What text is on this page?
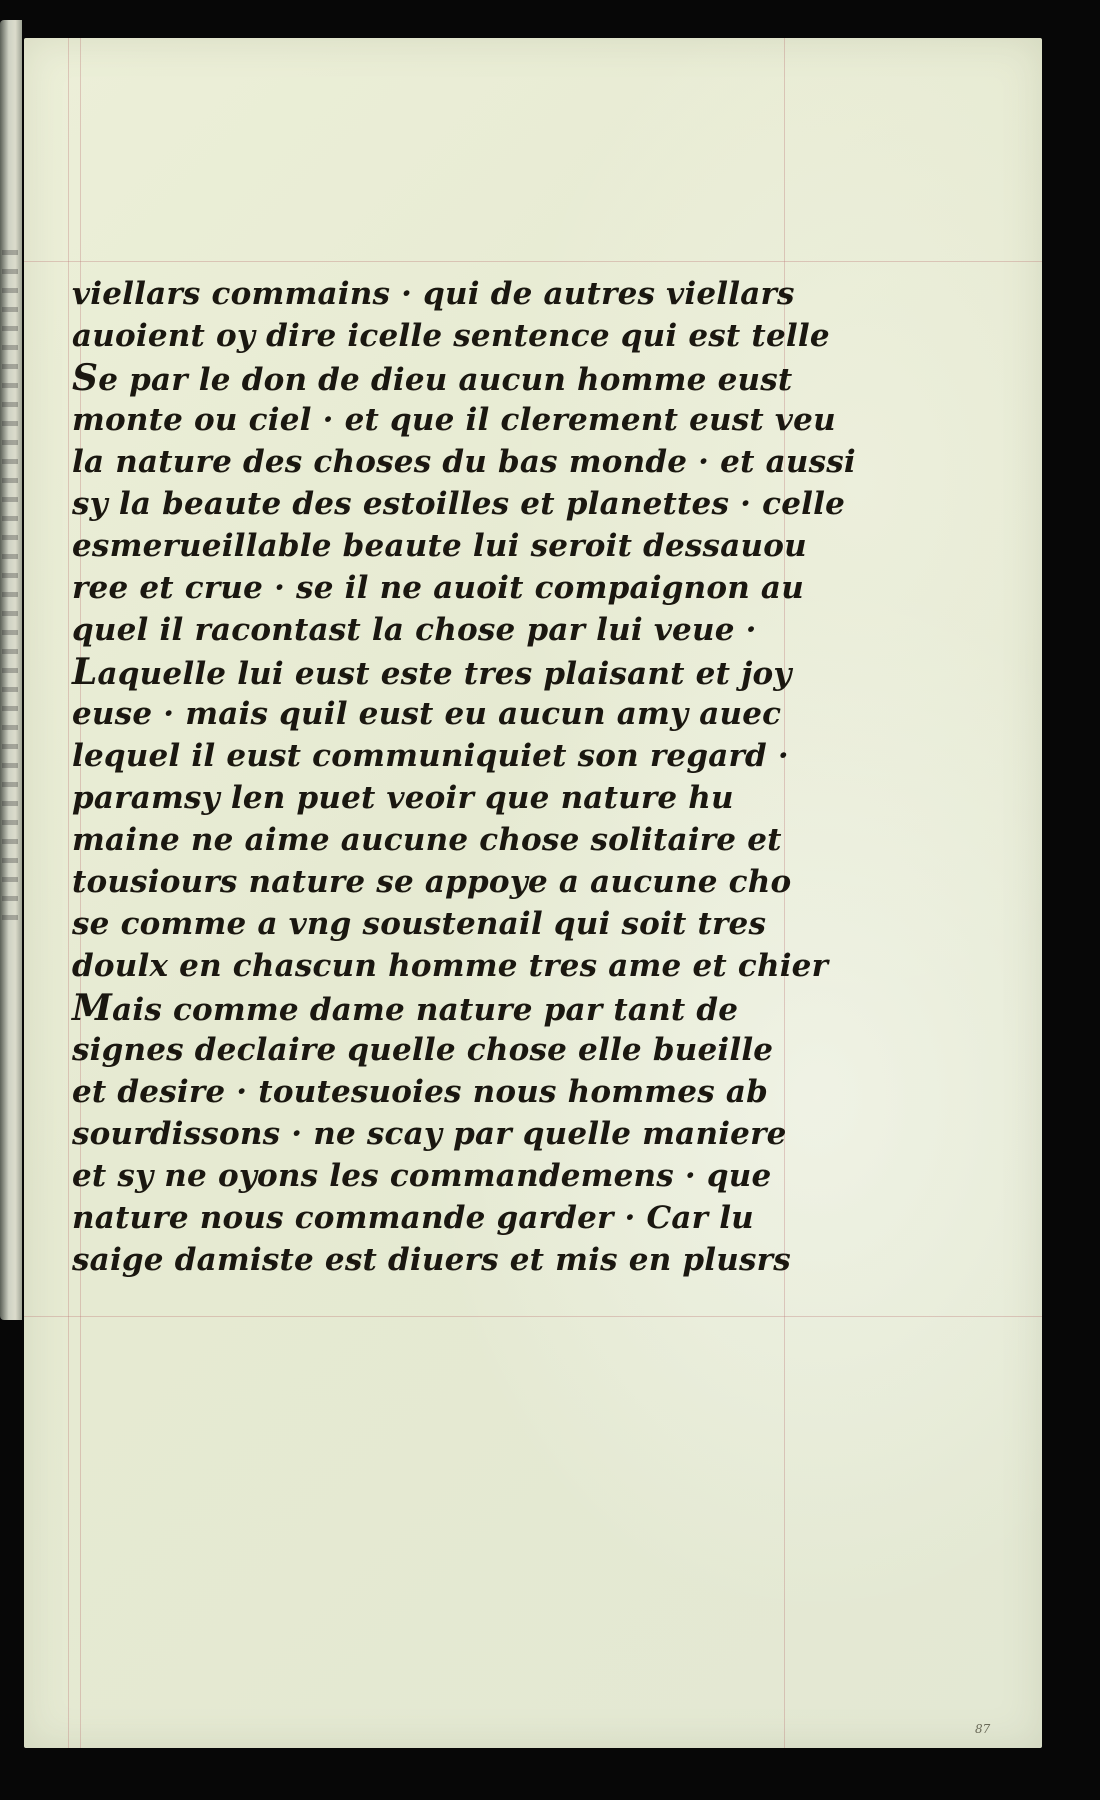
viellars commains · qui de autres viellars
auoient oy dire icelle sentence qui est telle
Se par le don de dieu aucun homme eust
monte ou ciel · et que il clerement eust veu
la nature des choses du bas monde · et aussi
sy la beaute des estoilles et planettes · celle
esmerueillable beaute lui seroit dessauou
ree et crue · se il ne auoit compaignon au
quel il racontast la chose par lui veue ·
Laquelle lui eust este tres plaisant et joy
euse · mais quil eust eu aucun amy auec
lequel il eust communiquiet son regard ·
paramsy len puet veoir que nature hu
maine ne aime aucune chose solitaire et
tousiours nature se appoye a aucune cho
se comme a vng soustenail qui soit tres
doulx en chascun homme tres ame et chier
Mais comme dame nature par tant de
signes declaire quelle chose elle bueille
et desire · toutesuoies nous hommes ab
sourdissons · ne scay par quelle maniere
et sy ne oyons les commandemens · que
nature nous commande garder · Car lu
saige damiste est diuers et mis en plusrs
87
